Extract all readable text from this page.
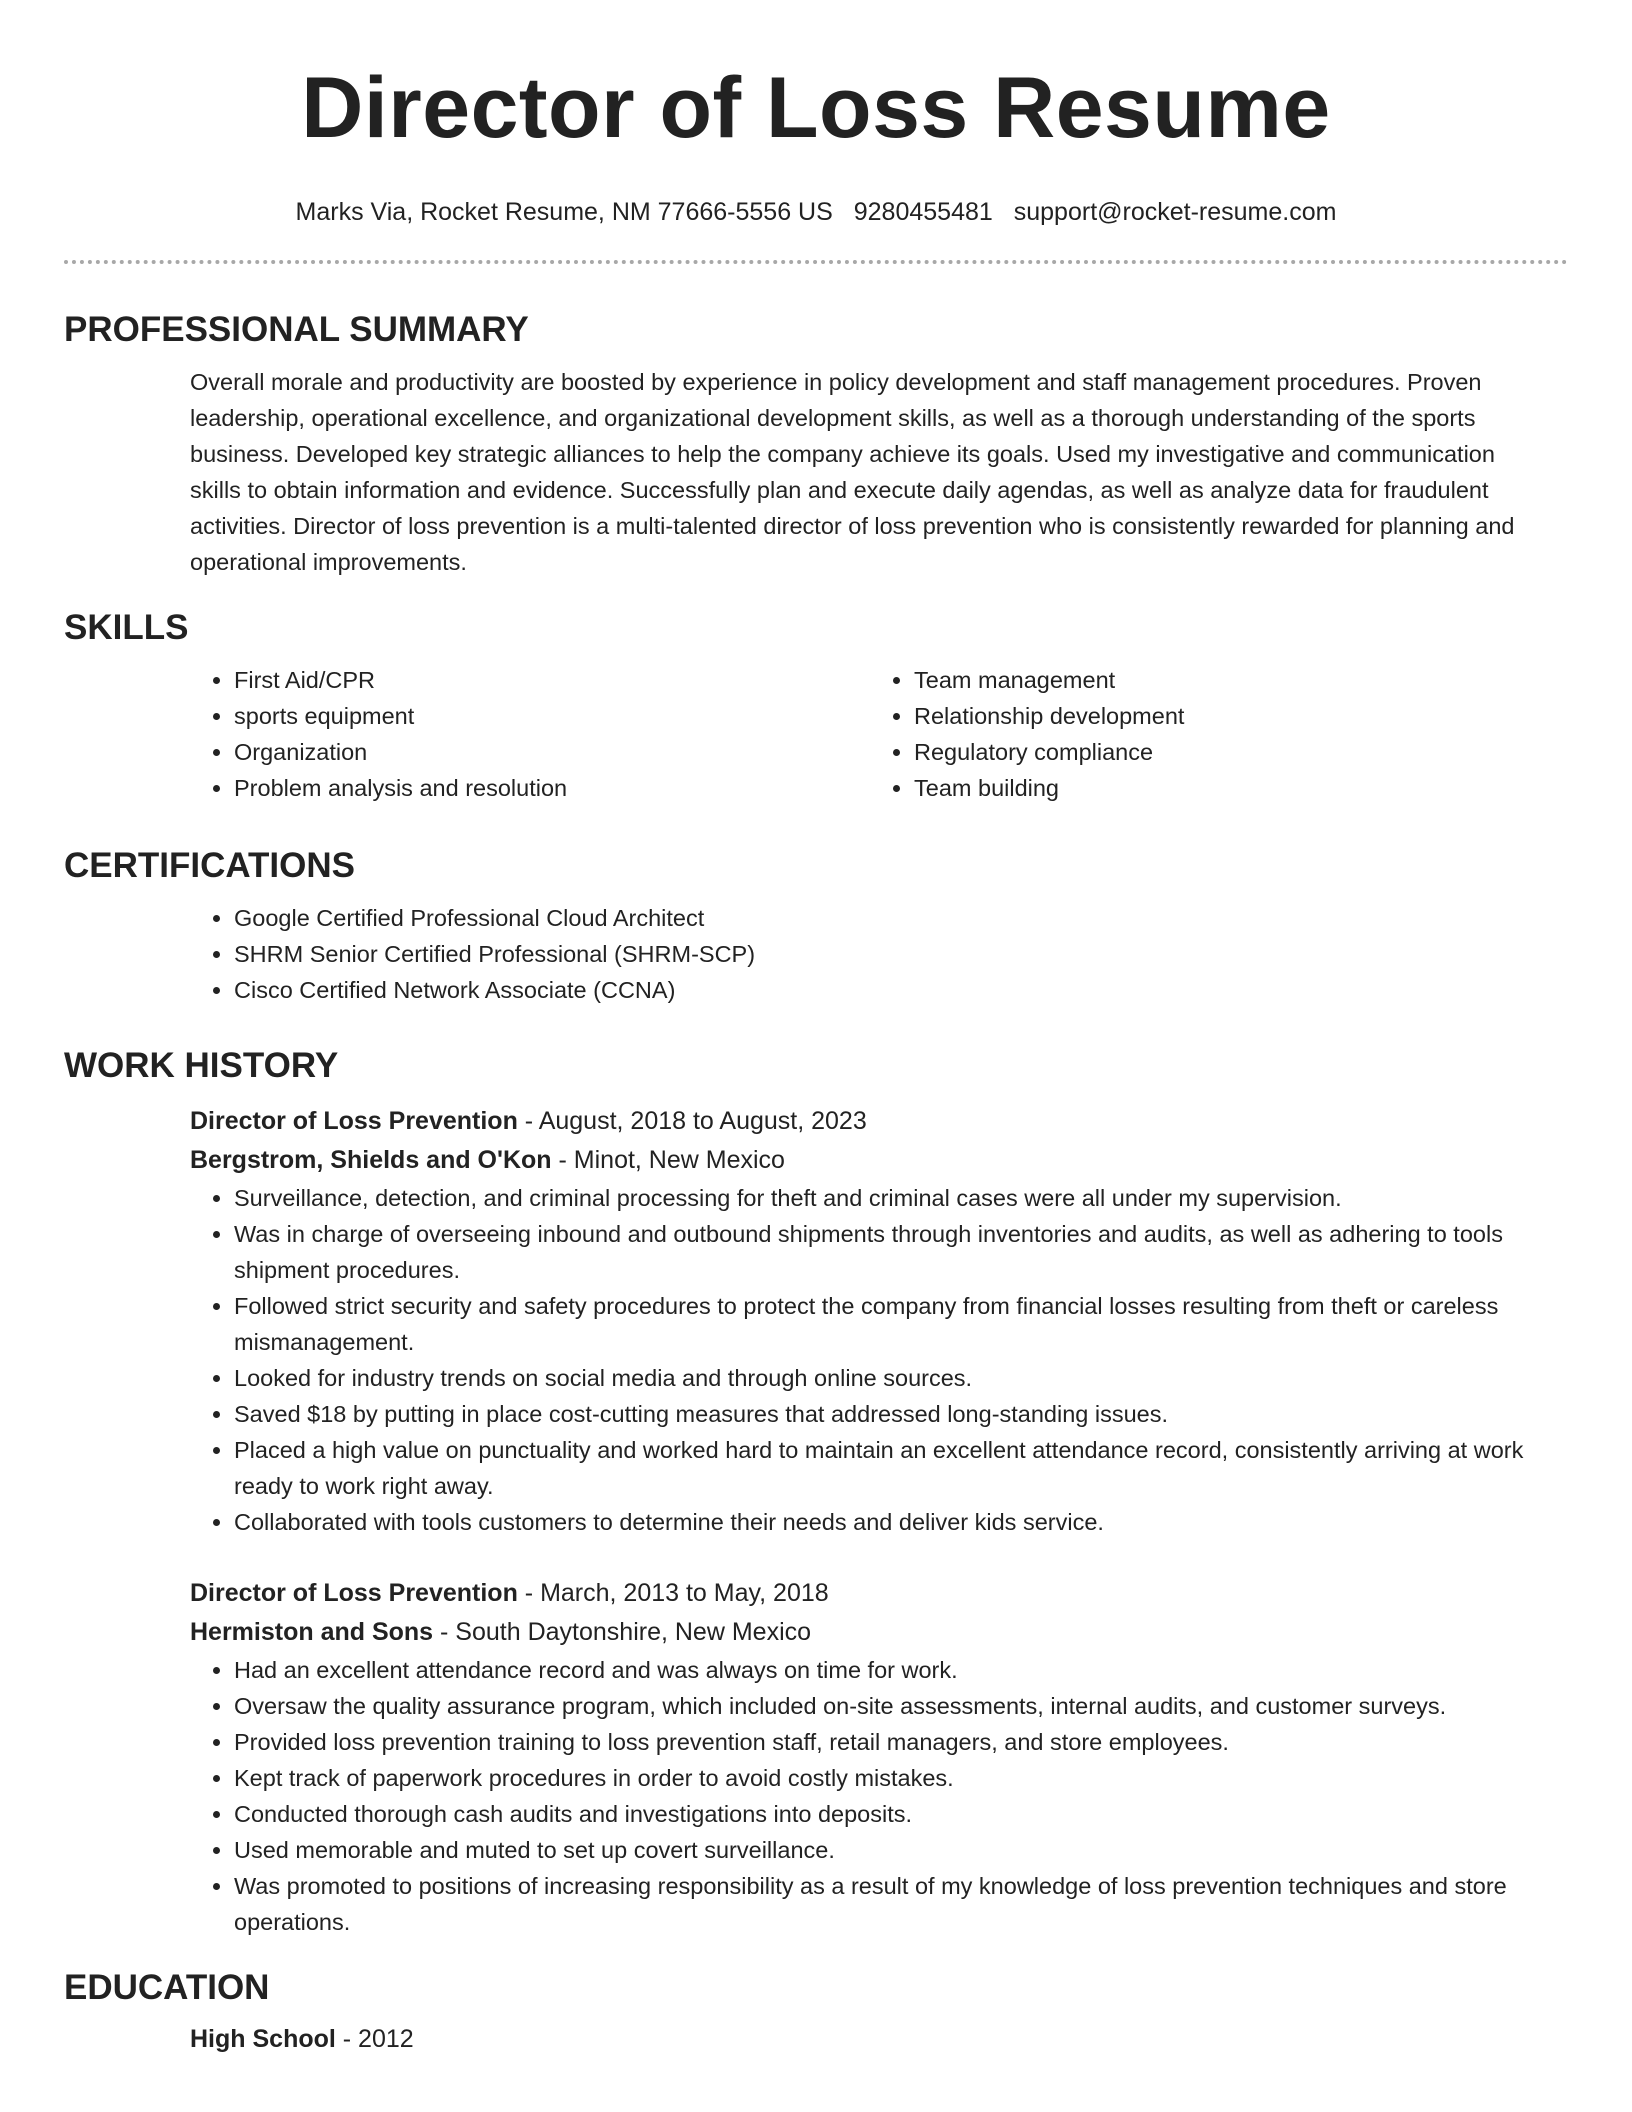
Director of Loss Resume
Marks Via, Rocket Resume, NM 77666-5556 US 9280455481 support@rocket-resume.com
PROFESSIONAL SUMMARY

Overall morale and productivity are boosted by experience in policy development and staff management procedures. Proven leadership, operational excellence, and organizational development skills, as well as a thorough understanding of the sports business. Developed key strategic alliances to help the company achieve its goals. Used my investigative and communication skills to obtain information and evidence. Successfully plan and execute daily agendas, as well as analyze data for fraudulent activities. Director of loss prevention is a multi-talented director of loss prevention who is consistently rewarded for planning and operational improvements.

SKILLS
• First Aid/CPR
• sports equipment
• Organization
• Problem analysis and resolution
• Team management
• Relationship development
• Regulatory compliance
• Team building
CERTIFICATIONS
• Google Certified Professional Cloud Architect
• SHRM Senior Certified Professional (SHRM-SCP)
• Cisco Certified Network Associate (CCNA)
WORK HISTORY
Director of Loss Prevention - August, 2018 to August, 2023
Bergstrom, Shields and O'Kon - Minot, New Mexico
• Surveillance, detection, and criminal processing for theft and criminal cases were all under my supervision.
• Was in charge of overseeing inbound and outbound shipments through inventories and audits, as well as adhering to tools shipment procedures.
• Followed strict security and safety procedures to protect the company from financial losses resulting from theft or careless mismanagement.
• Looked for industry trends on social media and through online sources.
• Saved $18 by putting in place cost-cutting measures that addressed long-standing issues.
• Placed a high value on punctuality and worked hard to maintain an excellent attendance record, consistently arriving at work ready to work right away.
• Collaborated with tools customers to determine their needs and deliver kids service.
Director of Loss Prevention - March, 2013 to May, 2018
Hermiston and Sons - South Daytonshire, New Mexico
• Had an excellent attendance record and was always on time for work.
• Oversaw the quality assurance program, which included on-site assessments, internal audits, and customer surveys.
• Provided loss prevention training to loss prevention staff, retail managers, and store employees.
• Kept track of paperwork procedures in order to avoid costly mistakes.
• Conducted thorough cash audits and investigations into deposits.
• Used memorable and muted to set up covert surveillance.
• Was promoted to positions of increasing responsibility as a result of my knowledge of loss prevention techniques and store operations.
EDUCATION
High School - 2012
